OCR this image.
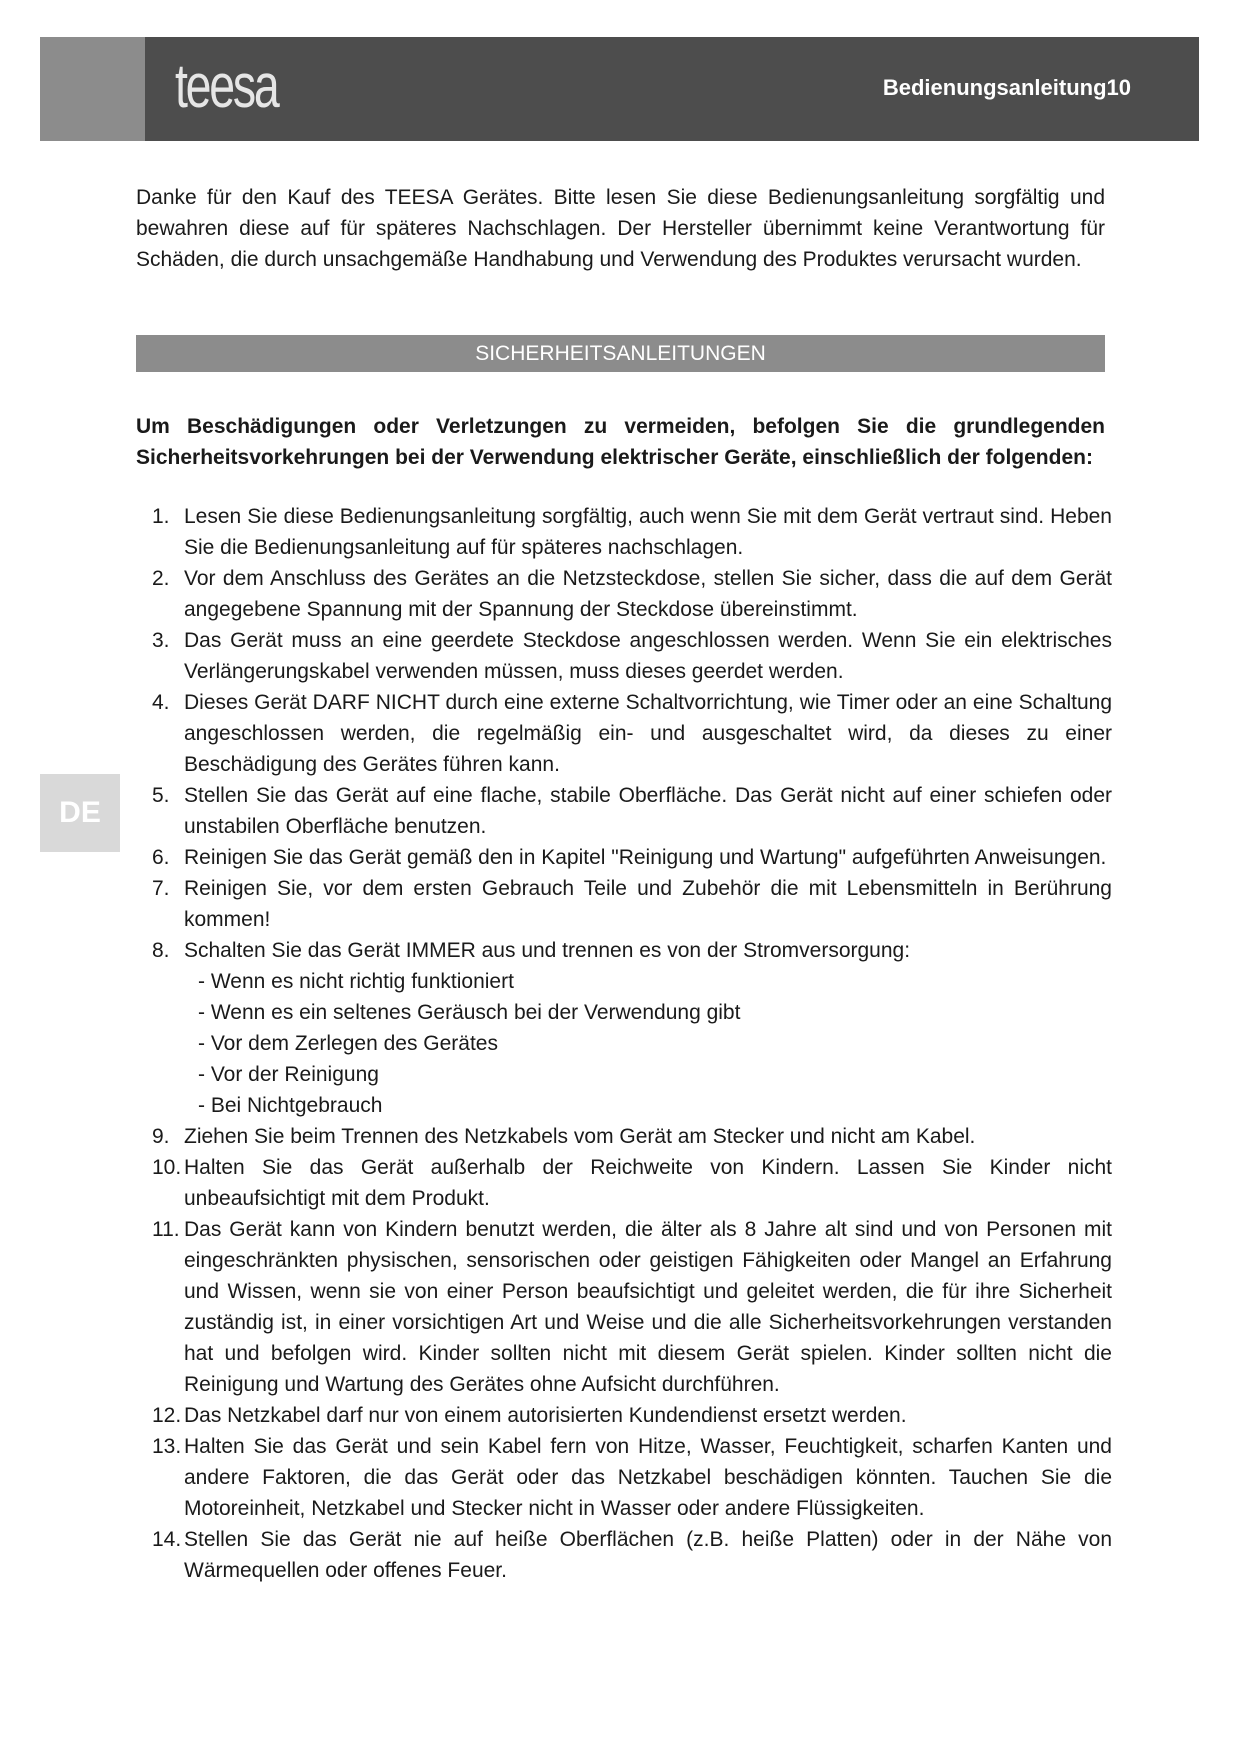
teesa	Bedienungsanleitung10

Danke für den Kauf des TEESA Gerätes. Bitte lesen Sie diese Bedienungsanleitung sorgfältig und bewahren diese auf für späteres Nachschlagen. Der Hersteller übernimmt keine Verantwortung für Schäden, die durch unsachgemäße Handhabung und Verwendung des Produktes verursacht wurden.

SICHERHEITSANLEITUNGEN

Um Beschädigungen oder Verletzungen zu vermeiden, befolgen Sie die grundlegenden Sicherheitsvorkehrungen bei der Verwendung elektrischer Geräte, einschließlich der folgenden:

1. Lesen Sie diese Bedienungsanleitung sorgfältig, auch wenn Sie mit dem Gerät vertraut sind. Heben Sie die Bedienungsanleitung auf für späteres nachschlagen.
2. Vor dem Anschluss des Gerätes an die Netzsteckdose, stellen Sie sicher, dass die auf dem Gerät angegebene Spannung mit der Spannung der Steckdose übereinstimmt.
3. Das Gerät muss an eine geerdete Steckdose angeschlossen werden. Wenn Sie ein elektrisches Verlängerungskabel verwenden müssen, muss dieses geerdet werden.
4. Dieses Gerät DARF NICHT durch eine externe Schaltvorrichtung, wie Timer oder an eine Schaltung angeschlossen werden, die regelmäßig ein- und ausgeschaltet wird, da dieses zu einer Beschädigung des Gerätes führen kann.
5. Stellen Sie das Gerät auf eine flache, stabile Oberfläche. Das Gerät nicht auf einer schiefen oder unstabilen Oberfläche benutzen.
6. Reinigen Sie das Gerät gemäß den in Kapitel "Reinigung und Wartung" aufgeführten Anweisungen.
7. Reinigen Sie, vor dem ersten Gebrauch Teile und Zubehör die mit Lebensmitteln in Berührung kommen!
8. Schalten Sie das Gerät IMMER aus und trennen es von der Stromversorgung:
- Wenn es nicht richtig funktioniert
- Wenn es ein seltenes Geräusch bei der Verwendung gibt
- Vor dem Zerlegen des Gerätes
- Vor der Reinigung
- Bei Nichtgebrauch
9. Ziehen Sie beim Trennen des Netzkabels vom Gerät am Stecker und nicht am Kabel.
10. Halten Sie das Gerät außerhalb der Reichweite von Kindern. Lassen Sie Kinder nicht unbeaufsichtigt mit dem Produkt.
11. Das Gerät kann von Kindern benutzt werden, die älter als 8 Jahre alt sind und von Personen mit eingeschränkten physischen, sensorischen oder geistigen Fähigkeiten oder Mangel an Erfahrung und Wissen, wenn sie von einer Person beaufsichtigt und geleitet werden, die für ihre Sicherheit zuständig ist, in einer vorsichtigen Art und Weise und die alle Sicherheitsvorkehrungen verstanden hat und befolgen wird. Kinder sollten nicht mit diesem Gerät spielen. Kinder sollten nicht die Reinigung und Wartung des Gerätes ohne Aufsicht durchführen.
12. Das Netzkabel darf nur von einem autorisierten Kundendienst ersetzt werden.
13. Halten Sie das Gerät und sein Kabel fern von Hitze, Wasser, Feuchtigkeit, scharfen Kanten und andere Faktoren, die das Gerät oder das Netzkabel beschädigen könnten. Tauchen Sie die Motoreinheit, Netzkabel und Stecker nicht in Wasser oder andere Flüssigkeiten.
14. Stellen Sie das Gerät nie auf heiße Oberflächen (z.B. heiße Platten) oder in der Nähe von Wärmequellen oder offenes Feuer.
DE
